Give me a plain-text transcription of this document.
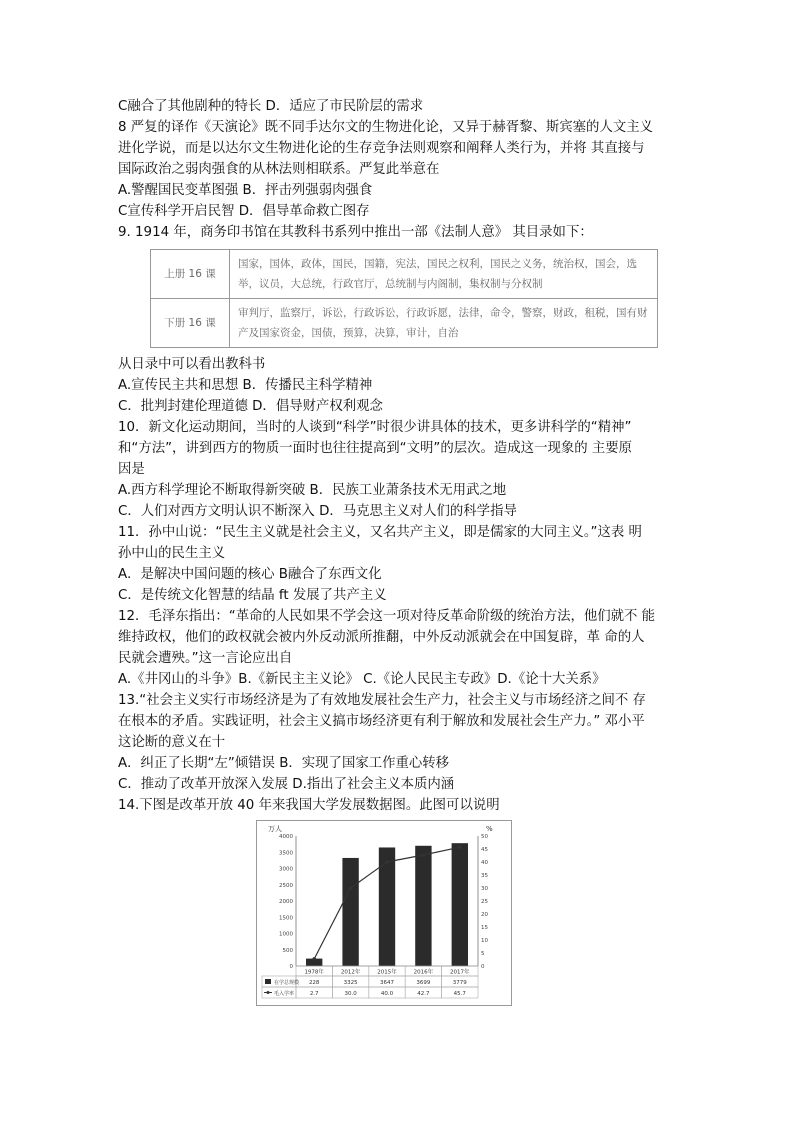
C融合了其他剧种的特长 D．适应了市民阶层的需求
8 严复的译作《天演论》既不同手达尔文的生物进化论，又异于赫胥黎、斯宾塞的人文主义
进化学说，而是以达尔文生物进化论的生存竞争法则观察和阐释人类行为，并将 其直接与
国际政治之弱肉强食的从林法则相联系。严复此举意在
A.警醒国民变革图强 B．抨击列强弱肉强食
C宣传科学开启民智 D．倡导革命救亡图存
9. 1914 年，商务印书馆在其教科书系列中推出一部《法制人意》 其目录如下：
上册 16 课	国家，国体，政体，国民，国籍，宪法，国民之权利，国民之义务，统治权，国会，选举，议员，大总统，行政官厅，总统制与内阁制，集权制与分权制
下册 16 课	审判厅，监察厅，诉讼，行政诉讼，行政诉愿，法律，命令，警察，财政，租税，国有财产及国家资金，国债，预算，决算，审计，自治
从日录中可以看出教科书
A.宣传民主共和思想 B．传播民主科学精神
C．批判封建伦理道德 D．倡导财产权利观念
10．新文化运动期间，当时的人谈到“科学”时很少讲具体的技术，更多讲科学的“精神”
和“方法”，讲到西方的物质一面时也往往提高到“文明”的层次。造成这一现象的 主要原
因是
A.西方科学理论不断取得新突破 B．民族工业萧条技术无用武之地
C．人们对西方文明认识不断深入 D．马克思主义对人们的科学指导
11．孙中山说：“民生主义就是社会主义，又名共产主义，即是儒家的大同主义。”这表 明
孙中山的民生主义
A．是解决中国问题的核心 B融合了东西文化
C．是传统文化智慧的结晶 ft 发展了共产主义
12．毛泽东指出：“革命的人民如果不学会这一项对待反革命阶级的统治方法，他们就不 能
维持政权，他们的政权就会被内外反动派所推翻，中外反动派就会在中国复辟，革 命的人
民就会遭殃。”这一言论应出自
A.《井冈山的斗争》B.《新民主主义论》 C.《论人民民主专政》D.《论十大关系》
13.“社会主义实行市场经济是为了有效地发展社会生产力，社会主义与市场经济之间不 存
在根本的矛盾。实践证明，社会主义搞市场经济更有利于解放和发展社会生产力。” 邓小平
这论断的意义在十
A．纠正了长期“左”倾错误 B．实现了国家工作重心转移
C．推动了改革开放深入发展 D.指出了社会主义本质内涵
14.下图是改革开放 40 年来我国大学发展数据图。此图可以说明
万人	%
0
500
1000
1500
2000
2500
3000
3500
4000
0
5
10
15
20
25
30
35
40
45
50
1978年	2012年	2015年	2016年	2017年
在学总规模 228	3325	3647	3699	3779
毛入学率	2.7	30.0	40.0	42.7	45.7
